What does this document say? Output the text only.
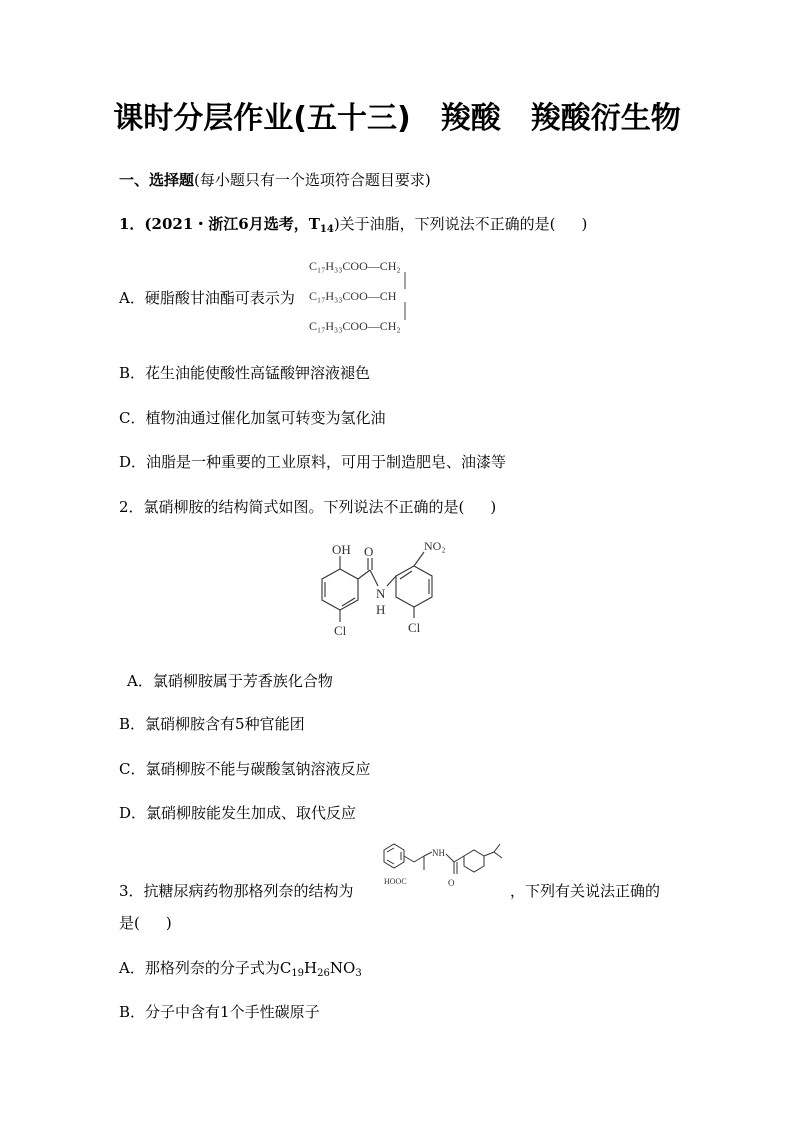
课时分层作业(五十三)　羧酸　羧酸衍生物
一、选择题(每小题只有一个选项符合题目要求)
1．(2021・浙江6月选考，$T_{14}$)关于油脂，下列说法不正确的是( )
A．硬脂酸甘油酯可表示为
C₁₇H₃₃COO—CH₂
C₁₇H₃₃COO—CH
C₁₇H₃₃COO—CH₂
B．花生油能使酸性高锰酸钾溶液褪色
C．植物油通过催化加氢可转变为氢化油
D．油脂是一种重要的工业原料，可用于制造肥皂、油漆等
2．氯硝柳胺的结构简式如图。下列说法不正确的是( )
OH O	NO₂
N
H
Cl
Cl
A．氯硝柳胺属于芳香族化合物
B．氯硝柳胺含有5种官能团
C．氯硝柳胺不能与碳酸氢钠溶液反应
D．氯硝柳胺能发生加成、取代反应
3．抗糖尿病药物那格列奈的结构为	，下列有关说法正确的
是( )
NH
HOOC	O
A．那格列奈的分子式为$C_{19}H_{26}NO_3$
B．分子中含有1个手性碳原子
